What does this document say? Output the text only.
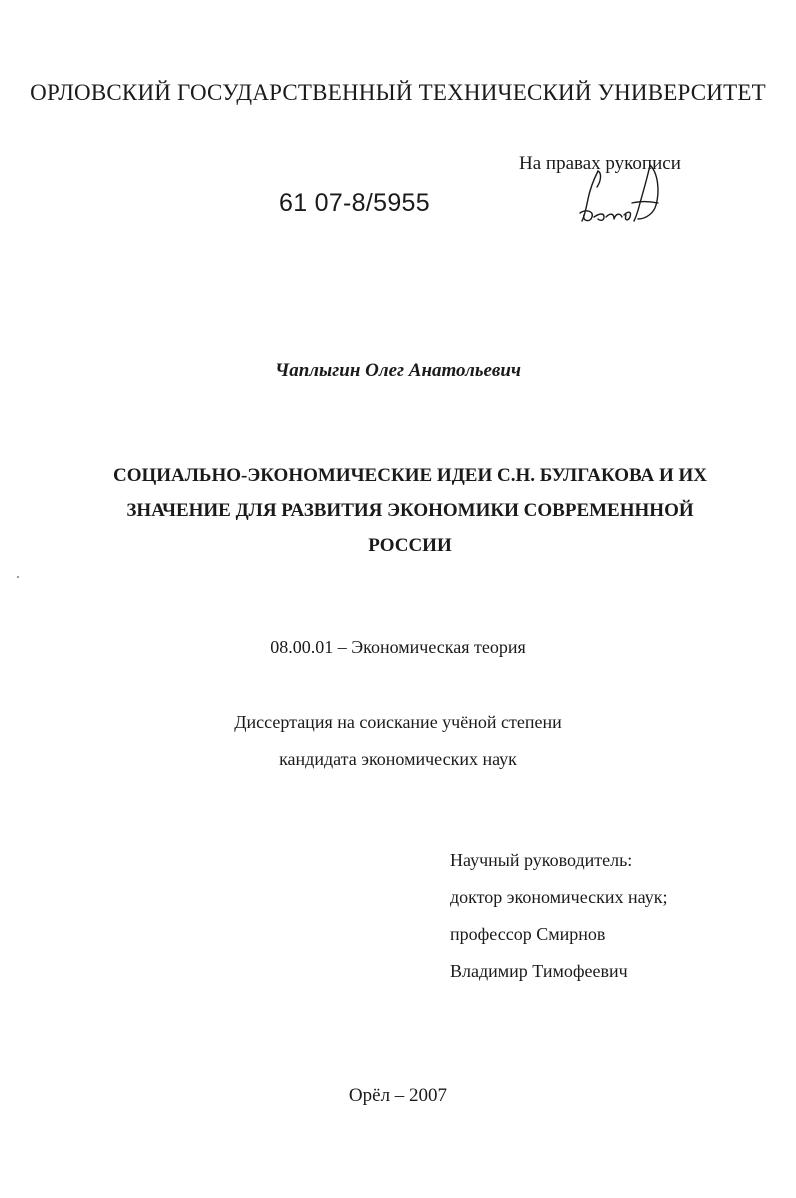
ОРЛОВСКИЙ ГОСУДАРСТВЕННЫЙ ТЕХНИЧЕСКИЙ УНИВЕРСИТЕТ
На правах рукописи
61 07-8/5955
Чаплыгин Олег Анатольевич
СОЦИАЛЬНО-ЭКОНОМИЧЕСКИЕ ИДЕИ С.Н. БУЛГАКОВА И ИХ
ЗНАЧЕНИЕ ДЛЯ РАЗВИТИЯ ЭКОНОМИКИ СОВРЕМЕНННОЙ
РОССИИ
08.00.01 – Экономическая теория
Диссертация на соискание учёной степени
кандидата экономических наук
Научный руководитель:
доктор экономических наук;
профессор Смирнов
Владимир Тимофеевич
Орёл – 2007
